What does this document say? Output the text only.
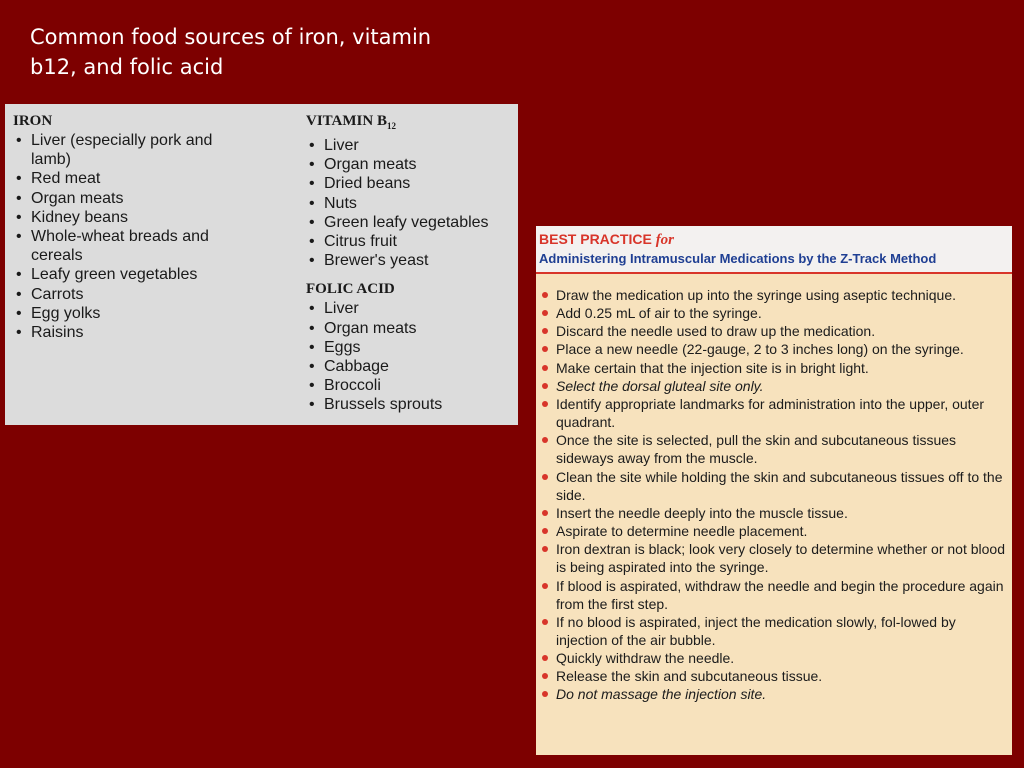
Common food sources of iron, vitamin
b12, and folic acid
IRON
• Liver (especially pork and
lamb)
• Red meat
• Organ meats
• Kidney beans
• Whole-wheat breads and
cereals
• Leafy green vegetables
• Carrots
• Egg yolks
• Raisins
VITAMIN $B_{12}$
• Liver
• Organ meats
• Dried beans
• Nuts
• Green leafy vegetables
• Citrus fruit
• Brewer's yeast
FOLIC ACID
• Liver
• Organ meats
• Eggs
• Cabbage
• Broccoli
• Brussels sprouts
BEST PRACTICE for
Administering Intramuscular Medications by the Z-Track Method
Draw the medication up into the syringe using aseptic technique.
Add 0.25 mL of air to the syringe.
Discard the needle used to draw up the medication.
Place a new needle (22-gauge, 2 to 3 inches long) on the syringe.
Make certain that the injection site is in bright light.
Select the dorsal gluteal site only.
Identify appropriate landmarks for administration into the upper, outer quadrant.
Once the site is selected, pull the skin and subcutaneous tissues sideways away from the muscle.
Clean the site while holding the skin and subcutaneous tissues off to the side.
Insert the needle deeply into the muscle tissue.
Aspirate to determine needle placement.
Iron dextran is black; look very closely to determine whether or not blood is being aspirated into the syringe.
If blood is aspirated, withdraw the needle and begin the procedure again from the first step.
If no blood is aspirated, inject the medication slowly, fol-lowed by injection of the air bubble.
Quickly withdraw the needle.
Release the skin and subcutaneous tissue.
Do not massage the injection site.
